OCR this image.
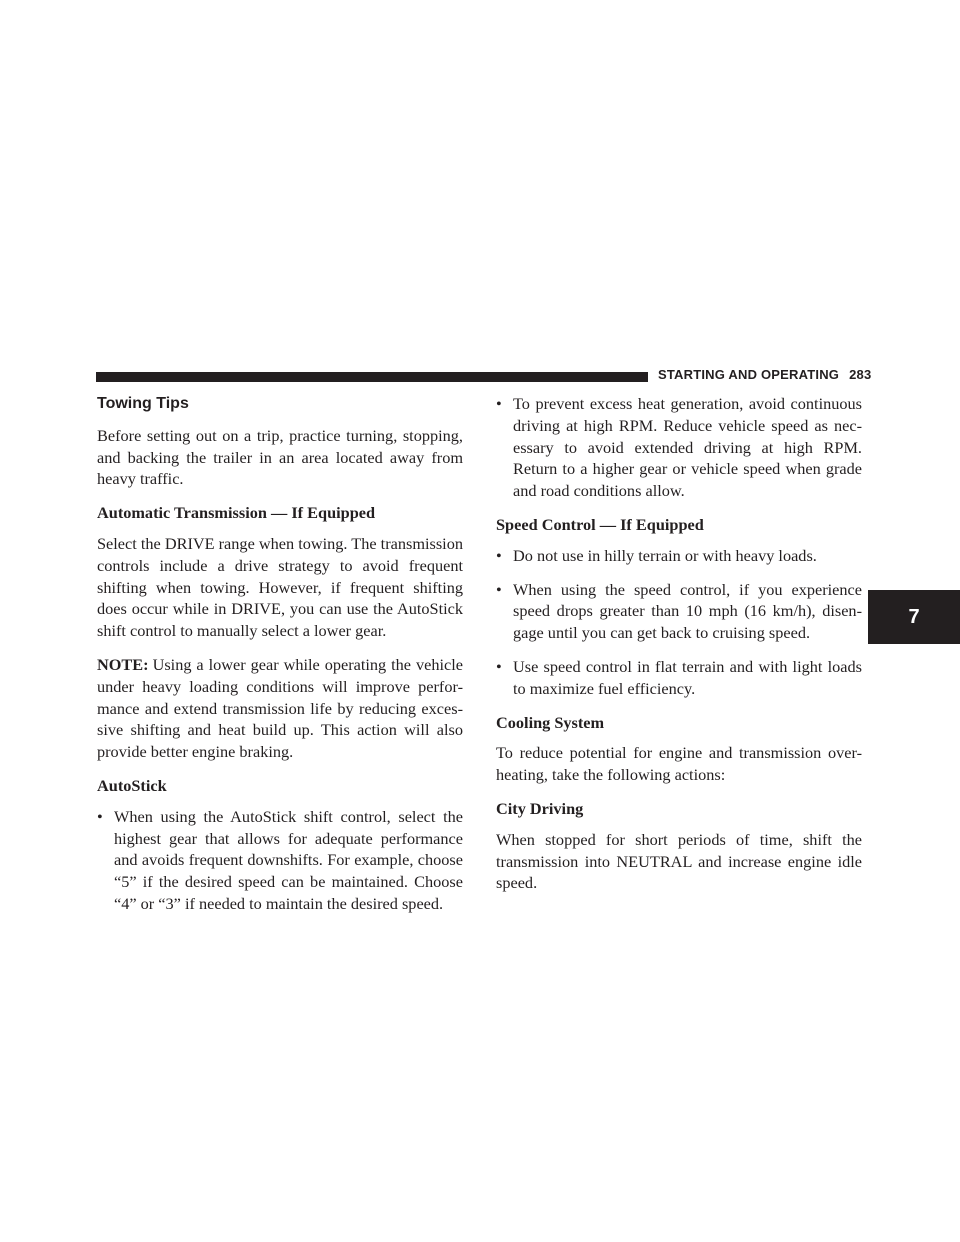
STARTING AND OPERATING 283
7
Towing Tips

Before setting out on a trip, practice turning, stopping, and backing the trailer in an area located away from heavy traffic.

Automatic Transmission — If Equipped

Select the DRIVE range when towing. The transmission controls include a drive strategy to avoid frequent shifting when towing. However, if frequent shifting does occur while in DRIVE, you can use the AutoStick shift control to manually select a lower gear.

NOTE: Using a lower gear while operating the vehicle under heavy loading conditions will improve perfor-mance and extend transmission life by reducing exces-sive shifting and heat build up. This action will also provide better engine braking.

AutoStick
• When using the AutoStick shift control, select the highest gear that allows for adequate performance and avoids frequent downshifts. For example, choose “5” if the desired speed can be maintained. Choose “4” or “3” if needed to maintain the desired speed.
• To prevent excess heat generation, avoid continuous driving at high RPM. Reduce vehicle speed as nec-essary to avoid extended driving at high RPM. Return to a higher gear or vehicle speed when grade and road conditions allow.
Speed Control — If Equipped
• Do not use in hilly terrain or with heavy loads.
• When using the speed control, if you experience speed drops greater than 10 mph (16 km/h), disen-gage until you can get back to cruising speed.
• Use speed control in flat terrain and with light loads to maximize fuel efficiency.
Cooling System

To reduce potential for engine and transmission over-heating, take the following actions:

City Driving

When stopped for short periods of time, shift the transmission into NEUTRAL and increase engine idle speed.
